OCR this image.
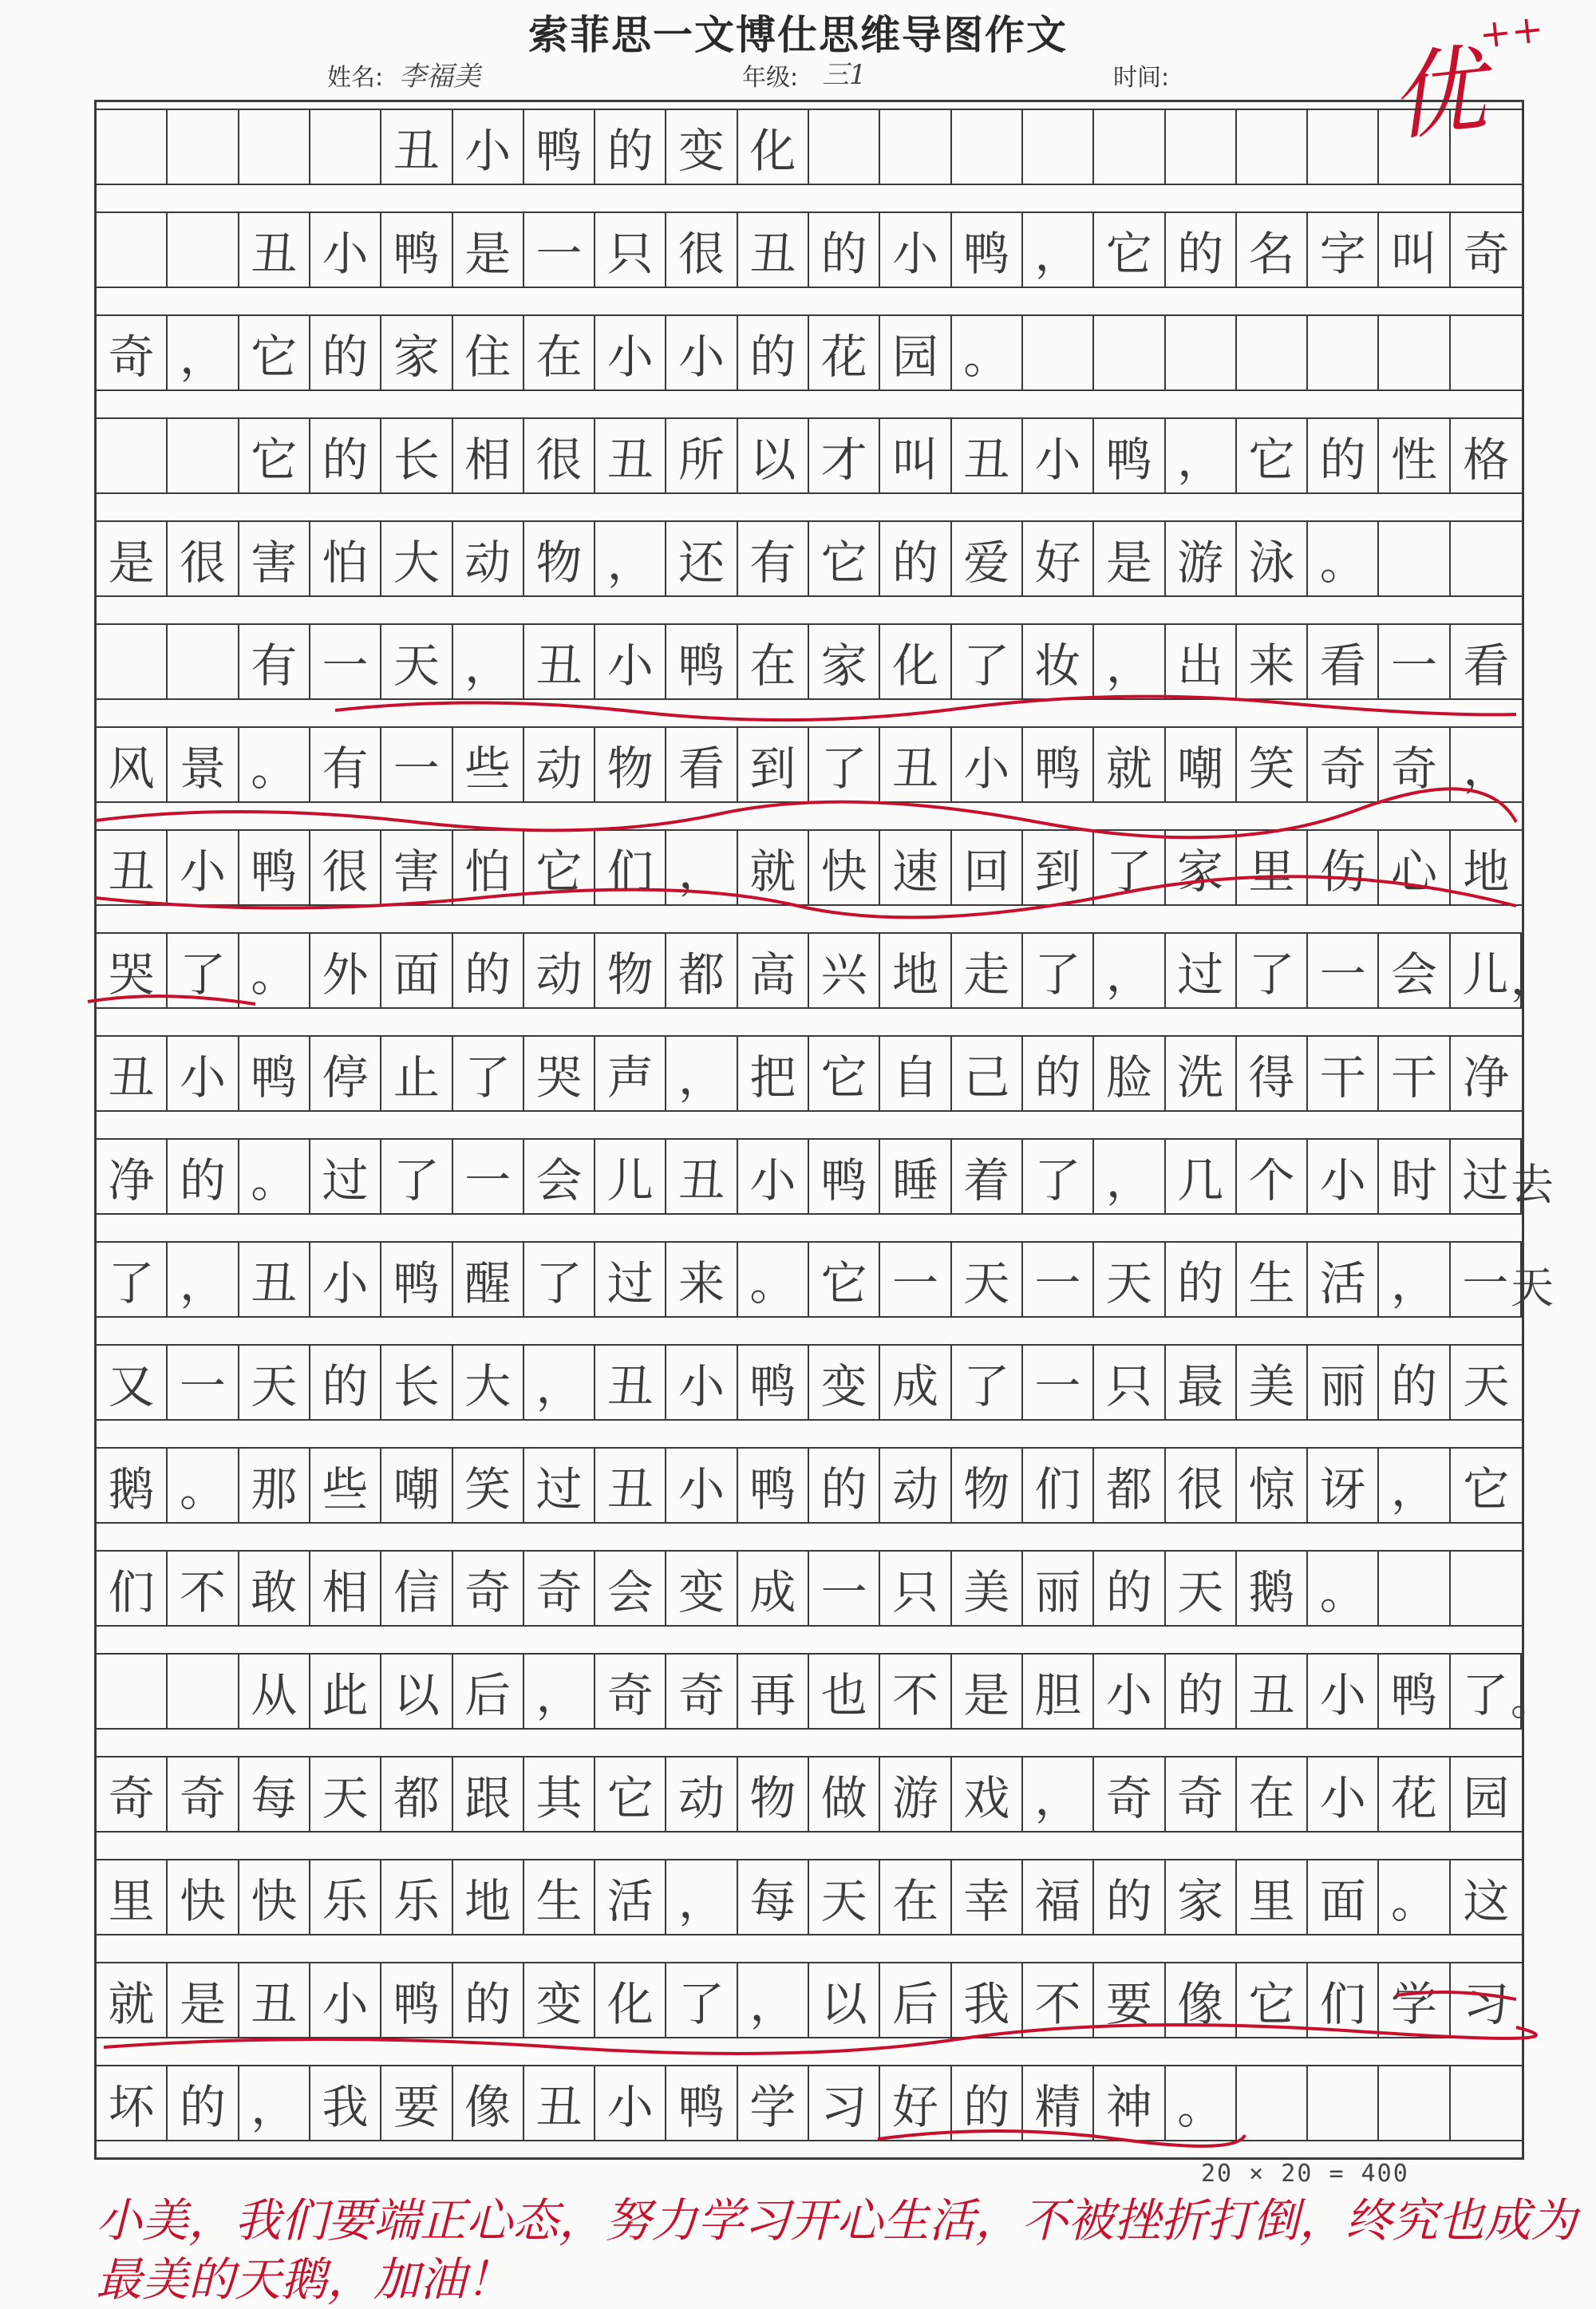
索菲思一文博仕思维导图作文
姓名: 李福美	年级: 三1	时间: 优++
丑 小 鸭 的 变 化
丑 小 鸭 是 一 只 很 丑 的 小 鸭 ， 它 的 名 字 叫 奇
奇 ， 它 的 家 住 在 小 小 的 花 园 。
它 的 长 相 很 丑 所 以 才 叫 丑 小 鸭 ， 它 的 性 格
是 很 害 怕 大 动 物 ， 还 有 它 的 爱 好 是 游 泳 。
有 一 天 ， 丑 小 鸭 在 家 化 了 妆 ， 出 来 看 一 看
风 景 。 有 一 些 动 物 看 到 了 丑 小 鸭 就 嘲 笑 奇 奇 ，
丑 小 鸭 很 害 怕 它 们 ， 就 快 速 回 到 了 家 里 伤 心 地
哭 了 。 外 面 的 动 物 都 高 兴 地 走 了 ， 过 了 一 会 儿 ，
丑 小 鸭 停 止 了 哭 声 ， 把 它 自 己 的 脸 洗 得 干 干 净
净 的 。 过 了 一 会 儿 丑 小 鸭 睡 着 了 ， 几 个 小 时 过 去
了 ， 丑 小 鸭 醒 了 过 来 。 它 一 天 一 天 的 生 活 ， 一 天
又 一 天 的 长 大 ， 丑 小 鸭 变 成 了 一 只 最 美 丽 的 天
鹅 。 那 些 嘲 笑 过 丑 小 鸭 的 动 物 们 都 很 惊 讶 ， 它
们 不 敢 相 信 奇 奇 会 变 成 一 只 美 丽 的 天 鹅 。
从 此 以 后 ， 奇 奇 再 也 不 是 胆 小 的 丑 小 鸭 了 。
奇 奇 每 天 都 跟 其 它 动 物 做 游 戏 ， 奇 奇 在 小 花 园
里 快 快 乐 乐 地 生 活 ， 每 天 在 幸 福 的 家 里 面 。 这
就 是 丑 小 鸭 的 变 化 了 ， 以 后 我 不 要 像 它 们 学 习
坏 的 ， 我 要 像 丑 小 鸭 学 习 好 的 精 神 。
20 × 20 = 400
小美，我们要端正心态，努力学习开心生活，不被挫折打倒，终究也成为最美的天鹅，加油！
